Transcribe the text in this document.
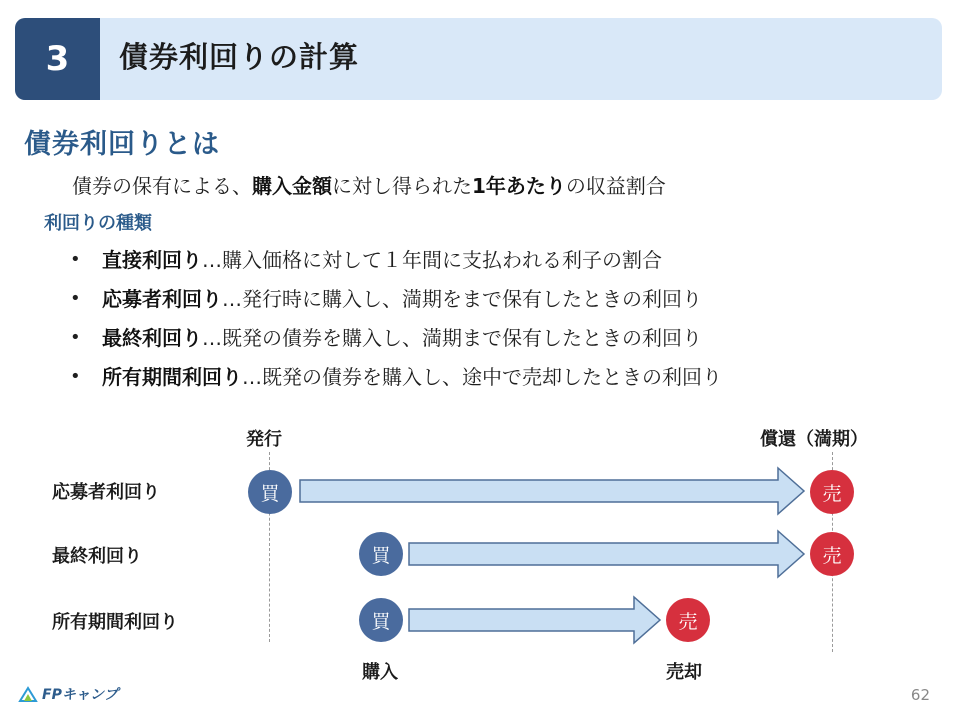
3	債券利回りの計算
債券利回りとは
債券の保有による、購入金額に対し得られた1年あたりの収益割合
利回りの種類
• 直接利回り…購入価格に対して１年間に支払われる利子の割合
• 応募者利回り…発行時に購入し、満期をまで保有したときの利回り
• 最終利回り…既発の債券を購入し、満期まで保有したときの利回り
• 所有期間利回り…既発の債券を購入し、途中で売却したときの利回り
発行	償還（満期）
応募者利回り
最終利回り
所有期間利回り
買	売
買	売
買	売
購入	売却
FPキャンプ	62
